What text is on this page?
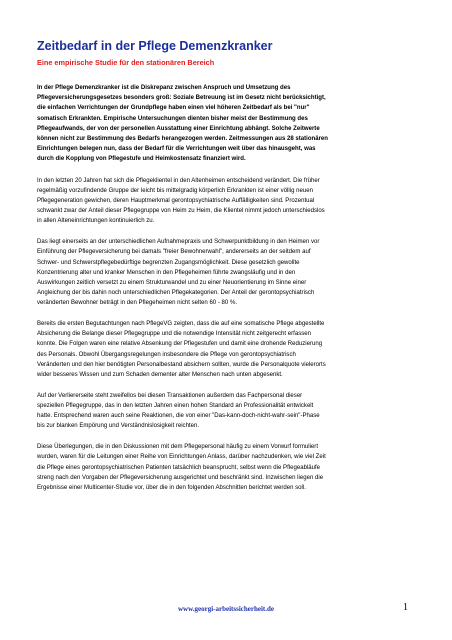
Zeitbedarf in der Pflege Demenzkranker
Eine empirische Studie für den stationären Bereich

In der Pflege Demenzkranker ist die Diskrepanz zwischen Anspruch und Umsetzung des
Pflegeversicherungsgesetzes besonders groß: Soziale Betreuung ist im Gesetz nicht berücksichtigt,
die einfachen Verrichtungen der Grundpflege haben einen viel höheren Zeitbedarf als bei "nur"
somatisch Erkrankten. Empirische Untersuchungen dienten bisher meist der Bestimmung des
Pflegeaufwands, der von der personellen Ausstattung einer Einrichtung abhängt. Solche Zeitwerte
können nicht zur Bestimmung des Bedarfs herangezogen werden. Zeitmessungen aus 28 stationären
Einrichtungen belegen nun, dass der Bedarf für die Verrichtungen weit über das hinausgeht, was
durch die Kopplung von Pflegestufe und Heimkostensatz finanziert wird.

In den letzten 20 Jahren hat sich die Pflegeklientel in den Altenheimen entscheidend verändert. Die früher
regelmäßig vorzufindende Gruppe der leicht bis mittelgradig körperlich Erkrankten ist einer völlig neuen
Pflegegeneration gewichen, deren Hauptmerkmal gerontopsychiatrische Auffälligkeiten sind. Prozentual
schwankt zwar der Anteil dieser Pflegegruppe von Heim zu Heim, die Klientel nimmt jedoch unterschiedslos
in allen Alteneinrichtungen kontinuierlich zu.

Das liegt einerseits an der unterschiedlichen Aufnahmepraxis und Schwerpunktbildung in den Heimen vor
Einführung der Pflegeversicherung bei damals "freier Bewohnerwahl", andererseits an der seitdem auf
Schwer- und Schwerstpflegebedürftige begrenzten Zugangsmöglichkeit. Diese gesetzlich gewollte
Konzentrierung alter und kranker Menschen in den Pflegeheimen führte zwangsläufig und in den
Auswirkungen zeitlich versetzt zu einem Strukturwandel und zu einer Neuorientierung im Sinne einer
Angleichung der bis dahin noch unterschiedlichen Pflegekategorien. Der Anteil der gerontopsychiatrisch
veränderten Bewohner beträgt in den Pflegeheimen nicht selten 60 - 80 %.

Bereits die ersten Begutachtungen nach PflegeVG zeigten, dass die auf eine somatische Pflege abgestellte
Absicherung die Belange dieser Pflegegruppe und die notwendige Intensität nicht zeitgerecht erfassen
konnte. Die Folgen waren eine relative Absenkung der Pflegestufen und damit eine drohende Reduzierung
des Personals. Obwohl Übergangsregelungen insbesondere die Pflege von gerontopsychiatrisch
Veränderten und den hier benötigten Personalbestand absichern sollten, wurde die Personalquote vielerorts
wider besseres Wissen und zum Schaden dementer alter Menschen nach unten abgesenkt.

Auf der Verliererseite steht zweifellos bei diesen Transaktionen außerdem das Fachpersonal dieser
speziellen Pflegegruppe, das in den letzten Jahren einen hohen Standard an Professionalität entwickelt
hatte. Entsprechend waren auch seine Reaktionen, die von einer "Das-kann-doch-nicht-wahr-sein"-Phase
bis zur blanken Empörung und Verständnislosigkeit reichten.

Diese Überlegungen, die in den Diskussionen mit dem Pflegepersonal häufig zu einem Vorwurf formuliert
wurden, waren für die Leitungen einer Reihe von Einrichtungen Anlass, darüber nachzudenken, wie viel Zeit
die Pflege eines gerontopsychiatrischen Patienten tatsächlich beansprucht, selbst wenn die Pflegeabläufe
streng nach den Vorgaben der Pflegeversicherung ausgerichtet und beschränkt sind. Inzwischen liegen die
Ergebnisse einer Multicenter-Studie vor, über die in den folgenden Abschnitten berichtet werden soll.

www.georgi-arbeitssicherheit.de	1
